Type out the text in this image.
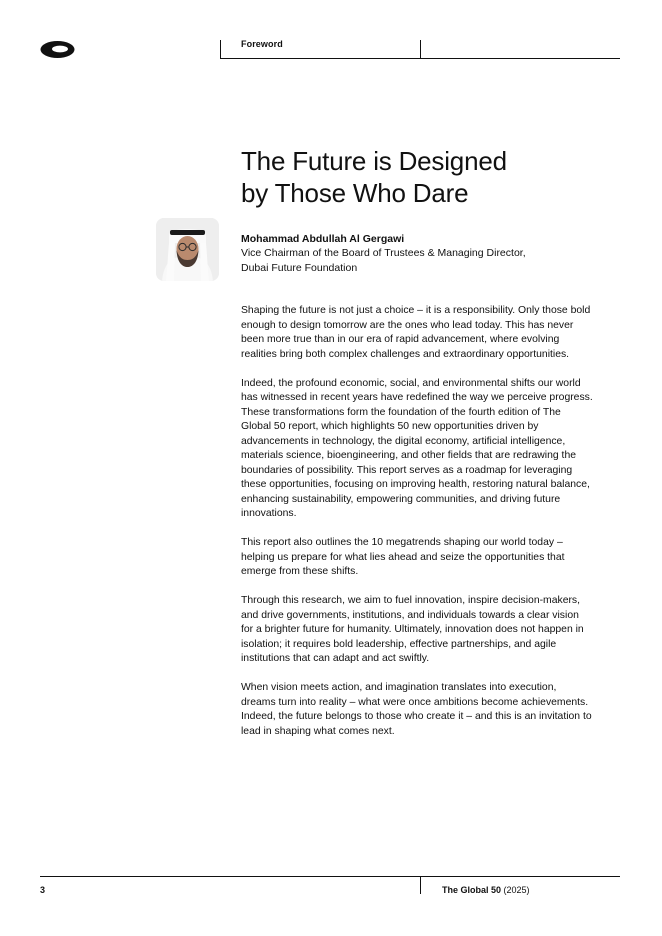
Foreword
The Future is Designed
by Those Who Dare
Mohammad Abdullah Al Gergawi
Vice Chairman of the Board of Trustees & Managing Director,
Dubai Future Foundation

Shaping the future is not just a choice – it is a responsibility. Only those bold enough to design tomorrow are the ones who lead today. This has never been more true than in our era of rapid advancement, where evolving realities bring both complex challenges and extraordinary opportunities.

Indeed, the profound economic, social, and environmental shifts our world has witnessed in recent years have redefined the way we perceive progress. These transformations form the foundation of the fourth edition of The Global 50 report, which highlights 50 new opportunities driven by advancements in technology, the digital economy, artificial intelligence, materials science, bioengineering, and other fields that are redrawing the boundaries of possibility. This report serves as a roadmap for leveraging these opportunities, focusing on improving health, restoring natural balance, enhancing sustainability, empowering communities, and driving future innovations.

This report also outlines the 10 megatrends shaping our world today – helping us prepare for what lies ahead and seize the opportunities that emerge from these shifts.

Through this research, we aim to fuel innovation, inspire decision-makers, and drive governments, institutions, and individuals towards a clear vision for a brighter future for humanity. Ultimately, innovation does not happen in isolation; it requires bold leadership, effective partnerships, and agile institutions that can adapt and act swiftly.

When vision meets action, and imagination translates into execution, dreams turn into reality – what were once ambitions become achievements. Indeed, the future belongs to those who create it – and this is an invitation to lead in shaping what comes next.

3	The Global 50 (2025)
